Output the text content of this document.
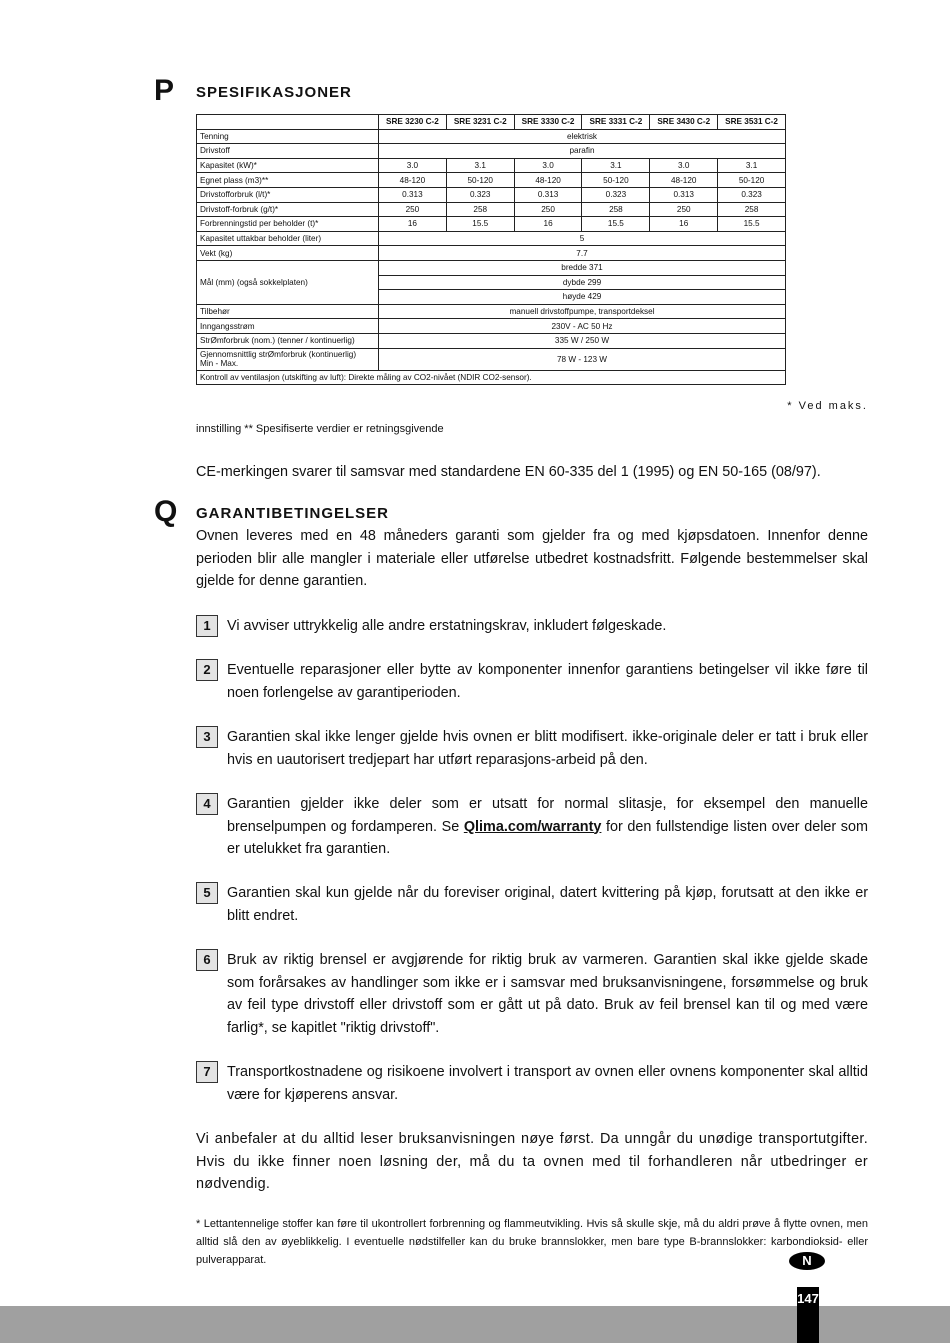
P SPESIFIKASJONER
	SRE 3230 C-2	SRE 3231 C-2	SRE 3330 C-2	SRE 3331 C-2	SRE 3430 C-2	SRE 3531 C-2
Tenning	elektrisk					
Drivstoff	parafin					
Kapasitet (kW)*	3.0	3.1	3.0	3.1	3.0	3.1
Egnet plass (m3)**	48-120	50-120	48-120	50-120	48-120	50-120
Drivstofforbruk (l/t)*	0.313	0.323	0.313	0.323	0.313	0.323
Drivstoff-forbruk (g/t)*	250	258	250	258	250	258
Forbrenningstid per beholder (t)*	16	15.5	16	15.5	16	15.5
Kapasitet uttakbar beholder (liter)	5					
Vekt (kg)	7.7					
Mål (mm) (også sokkelplaten)	bredde 371					
	dybde 299					
	høyde 429					
Tilbehør	manuell drivstoffpumpe, transportdeksel					
Inngangsstrøm	230V - AC 50 Hz					
StrØmforbruk (nom.) (tenner / kontinuerlig)	335 W / 250 W					
Gjennomsnittlig strØmforbruk (kontinuerlig)
Min - Max.	78 W - 123 W					
Kontroll av ventilasjon (utskifting av luft): Direkte måling av CO2-nivået (NDIR CO2-sensor).						
* Ved maks.
innstilling ** Spesifiserte verdier er retningsgivende
CE-merkingen svarer til samsvar med standardene EN 60-335 del 1 (1995) og EN 50-165 (08/97).
Q GARANTIBETINGELSER
Ovnen leveres med en 48 måneders garanti som gjelder fra og med kjøpsdatoen. Innenfor denne perioden blir alle mangler i materiale eller utførelse utbedret kostnadsfritt. Følgende bestemmelser skal gjelde for denne garantien.
1	Vi avviser uttrykkelig alle andre erstatningskrav, inkludert følgeskade.
2	Eventuelle reparasjoner eller bytte av komponenter innenfor garantiens betingelser vil ikke føre til noen forlengelse av garantiperioden.
3	Garantien skal ikke lenger gjelde hvis ovnen er blitt modifisert. ikke-originale deler er tatt i bruk eller hvis en uautorisert tredjepart har utført reparasjons-arbeid på den.
4	Garantien gjelder ikke deler som er utsatt for normal slitasje, for eksempel den manuelle brenselpumpen og fordamperen. Se Qlima.com/warranty for den fullstendige listen over deler som er utelukket fra garantien.
5	Garantien skal kun gjelde når du foreviser original, datert kvittering på kjøp, forutsatt at den ikke er blitt endret.
6	Bruk av riktig brensel er avgjørende for riktig bruk av varmeren. Garantien skal ikke gjelde skade som forårsakes av handlinger som ikke er i samsvar med bruksanvisningene, forsømmelse og bruk av feil type drivstoff eller drivstoff som er gått ut på dato. Bruk av feil brensel kan til og med være farlig*, se kapitlet "riktig drivstoff".
7	Transportkostnadene og risikoene involvert i transport av ovnen eller ovnens komponenter skal alltid være for kjøperens ansvar.
Vi anbefaler at du alltid leser bruksanvisningen nøye først. Da unngår du unødige transportutgifter. Hvis du ikke finner noen løsning der, må du ta ovnen med til forhandleren når utbedringer er nødvendig.
* Lettantennelige stoffer kan føre til ukontrollert forbrenning og flammeutvikling. Hvis så skulle skje, må du aldri prøve å flytte ovnen, men alltid slå den av øyeblikkelig. I eventuelle nødstilfeller kan du bruke brannslokker, men bare type B-brannslokker: karbondioksid- eller pulverapparat.	N
147
